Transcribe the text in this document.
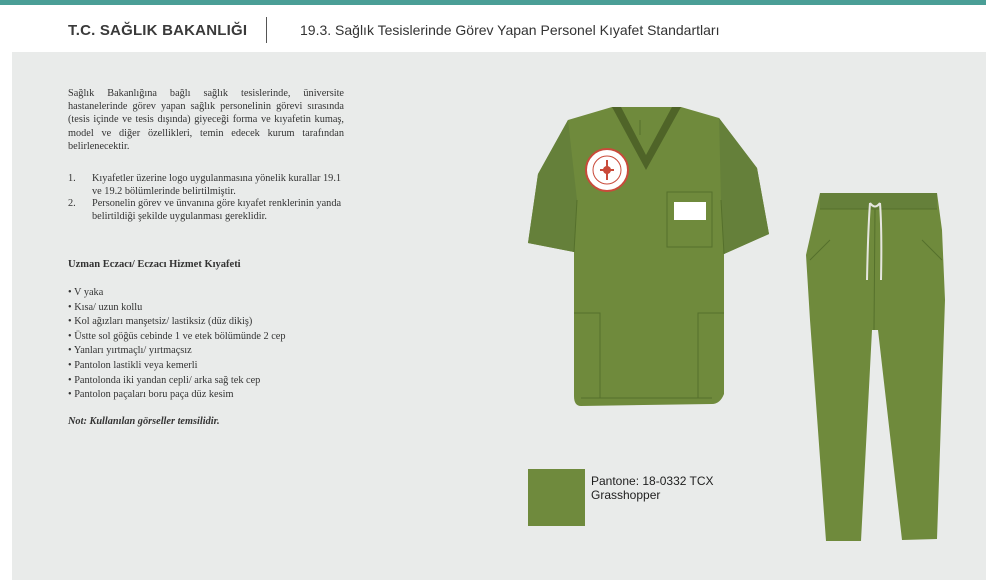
T.C. SAĞLIK BAKANLIĞI	19.3. Sağlık Tesislerinde Görev Yapan Personel Kıyafet Standartları
Sağlık Bakanlığına bağlı sağlık tesislerinde, üniversite hastanelerinde görev yapan sağlık personelinin görevi sırasında (tesis içinde ve tesis dışında) giyeceği forma ve kıyafetin kumaş, model ve diğer özellikleri, temin edecek kurum tarafından belirlenecektir.
1. Kıyafetler üzerine logo uygulanmasına yönelik kurallar 19.1 ve 19.2 bölümlerinde belirtilmiştir.
2. Personelin görev ve ünvanına göre kıyafet renklerinin yanda belirtildiği şekilde uygulanması gereklidir.
Uzman Eczacı/ Eczacı Hizmet Kıyafeti
• V yaka
• Kısa/ uzun kollu
• Kol ağızları manşetsiz/ lastiksiz (düz dikiş)
• Üstte sol göğüs cebinde 1 ve etek bölümünde 2 cep
• Yanları yırtmaçlı/ yırtmaçsız
• Pantolon lastikli veya kemerli
• Pantolonda iki yandan cepli/ arka sağ tek cep
• Pantolon paçaları boru paça düz kesim
Not: Kullanılan görseller temsilidir.
Pantone: 18-0332 TCX
Grasshopper
